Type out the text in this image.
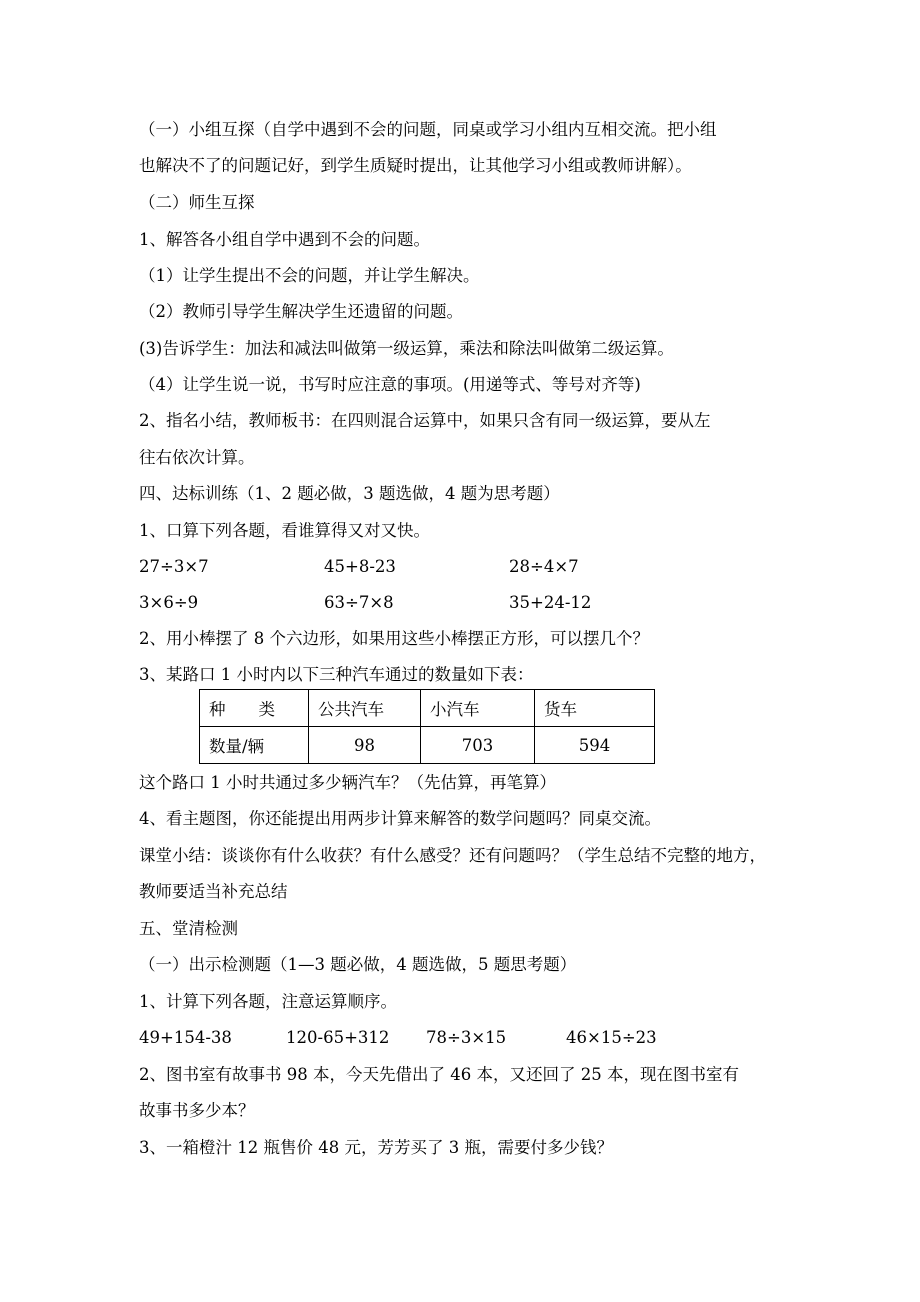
（一）小组互探（自学中遇到不会的问题，同桌或学习小组内互相交流。把小组
也解决不了的问题记好，到学生质疑时提出，让其他学习小组或教师讲解）。
（二）师生互探
1、解答各小组自学中遇到不会的问题。
（1）让学生提出不会的问题，并让学生解决。
（2）教师引导学生解决学生还遗留的问题。
(3)告诉学生：加法和减法叫做第一级运算，乘法和除法叫做第二级运算。
（4）让学生说一说，书写时应注意的事项。(用递等式、等号对齐等)
2、指名小结，教师板书：在四则混合运算中，如果只含有同一级运算，要从左
往右依次计算。
四、达标训练（1、2 题必做，3 题选做，4 题为思考题）
1、口算下列各题，看谁算得又对又快。
27÷3×7	45+8-23	28÷4×7
3×6÷9	63÷7×8	35+24-12
2、用小棒摆了 8 个六边形，如果用这些小棒摆正方形，可以摆几个？
3、某路口 1 小时内以下三种汽车通过的数量如下表：
种　　类	公共汽车	小汽车	货车
数量/辆	98	703	594
这个路口 1 小时共通过多少辆汽车？（先估算，再笔算）
4、看主题图，你还能提出用两步计算来解答的数学问题吗？同桌交流。
课堂小结：谈谈你有什么收获？有什么感受？还有问题吗？（学生总结不完整的地方，
教师要适当补充总结
五、堂清检测
（一）出示检测题（1—3 题必做，4 题选做，5 题思考题）
1、计算下列各题，注意运算顺序。
49+154-38	120-65+312 78÷3×15	46×15÷23
2、图书室有故事书 98 本，今天先借出了 46 本，又还回了 25 本，现在图书室有
故事书多少本？
3、一箱橙汁 12 瓶售价 48 元，芳芳买了 3 瓶，需要付多少钱？
